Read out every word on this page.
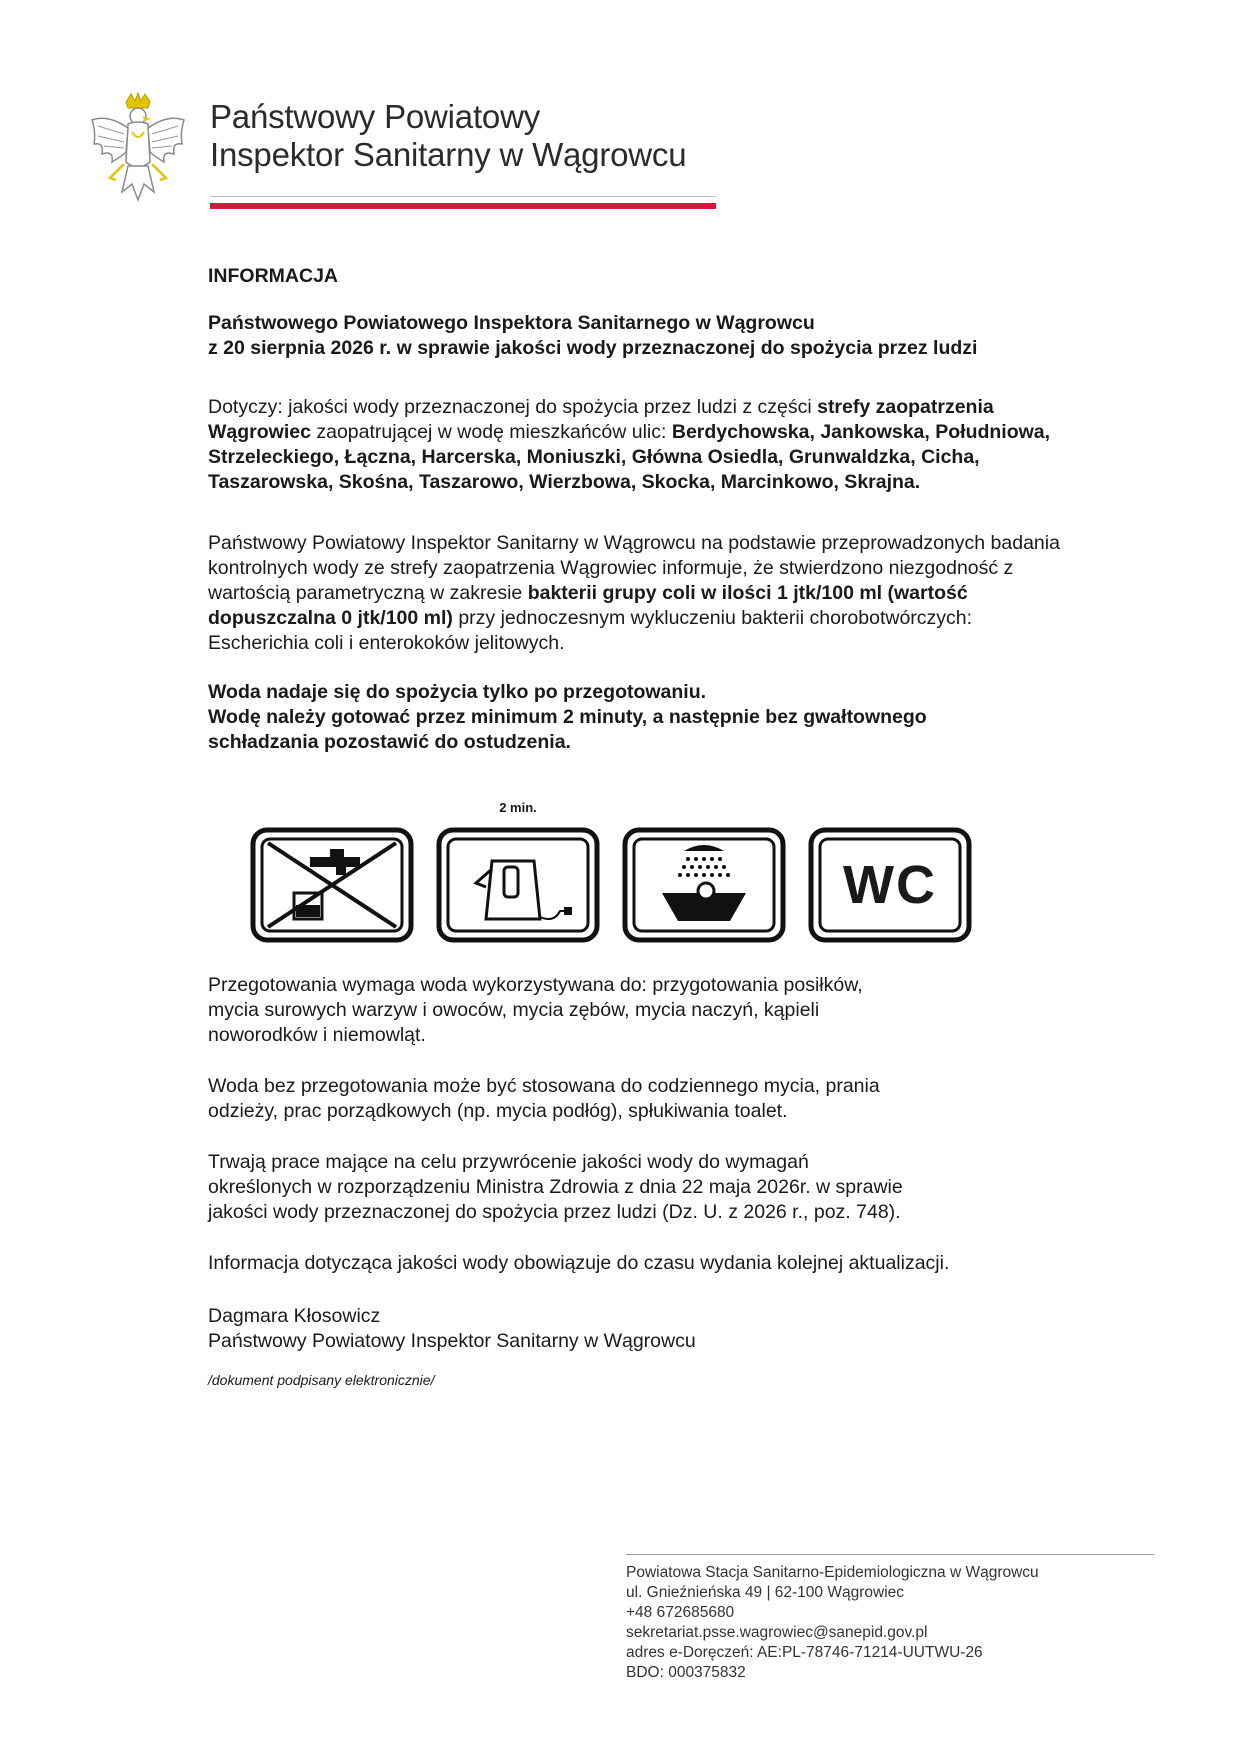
Państwowy Powiatowy
Inspektor Sanitarny w Wągrowcu

INFORMACJA

Państwowego Powiatowego Inspektora Sanitarnego w Wągrowcu
z 20 sierpnia 2026 r. w sprawie jakości wody przeznaczonej do spożycia przez ludzi

Dotyczy: jakości wody przeznaczonej do spożycia przez ludzi z części strefy zaopatrzenia Wągrowiec zaopatrującej w wodę mieszkańców ulic: Berdychowska, Jankowska, Południowa, Strzeleckiego, Łączna, Harcerska, Moniuszki, Główna Osiedla, Grunwaldzka, Cicha, Taszarowska, Skośna, Taszarowo, Wierzbowa, Skocka, Marcinkowo, Skrajna.

Państwowy Powiatowy Inspektor Sanitarny w Wągrowcu na podstawie przeprowadzonych badania kontrolnych wody ze strefy zaopatrzenia Wągrowiec informuje, że stwierdzono niezgodność z wartością parametryczną w zakresie bakterii grupy coli w ilości 1 jtk/100 ml (wartość dopuszczalna 0 jtk/100 ml) przy jednoczesnym wykluczeniu bakterii chorobotwórczych: Escherichia coli i enterokoków jelitowych.

Woda nadaje się do spożycia tylko po przegotowaniu.
Wodę należy gotować przez minimum 2 minuty, a następnie bez gwałtownego schładzania pozostawić do ostudzenia.

2 min.
WC

Przegotowania wymaga woda wykorzystywana do: przygotowania posiłków, mycia surowych warzyw i owoców, mycia zębów, mycia naczyń, kąpieli noworodków i niemowląt.

Woda bez przegotowania może być stosowana do codziennego mycia, prania odzieży, prac porządkowych (np. mycia podłóg), spłukiwania toalet.

Trwają prace mające na celu przywrócenie jakości wody do wymagań określonych w rozporządzeniu Ministra Zdrowia z dnia 22 maja 2026r. w sprawie jakości wody przeznaczonej do spożycia przez ludzi (Dz. U. z 2026 r., poz. 748).

Informacja dotycząca jakości wody obowiązuje do czasu wydania kolejnej aktualizacji.

Dagmara Kłosowicz
Państwowy Powiatowy Inspektor Sanitarny w Wągrowcu

/dokument podpisany elektronicznie/

Powiatowa Stacja Sanitarno-Epidemiologiczna w Wągrowcu
ul. Gnieźnieńska 49 | 62-100 Wągrowiec
+48 672685680
sekretariat.psse.wagrowiec@sanepid.gov.pl
adres e-Doręczeń: AE:PL-78746-71214-UUTWU-26
BDO: 000375832
